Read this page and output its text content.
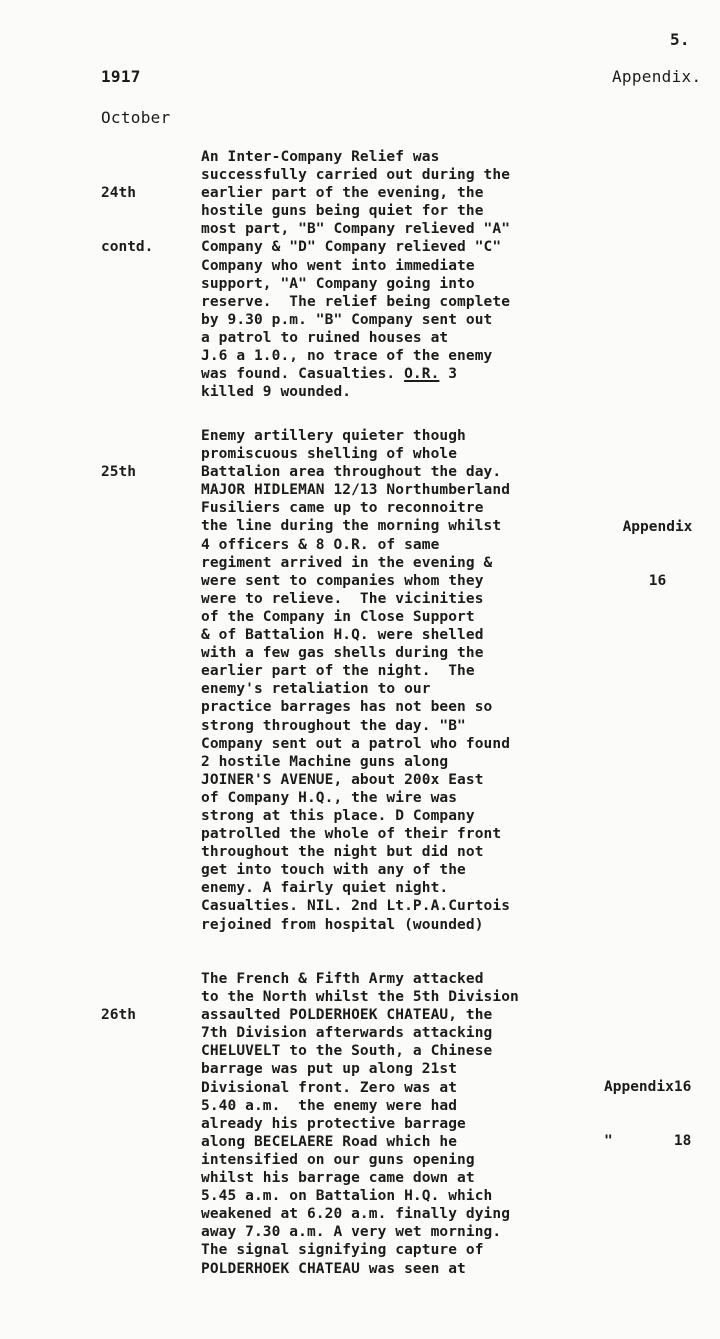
5.
1917	Appendix.
October

24th

contd.

An Inter-Company Relief was
successfully carried out during the
earlier part of the evening, the
hostile guns being quiet for the
most part, "B" Company relieved "A"
Company & "D" Company relieved "C"
Company who went into immediate
support, "A" Company going into
reserve.  The relief being complete
by 9.30 p.m. "B" Company sent out
a patrol to ruined houses at
J.6 a 1.0., no trace of the enemy
was found. Casualties. O.R. 3
killed 9 wounded.

25th

Enemy artillery quieter though
promiscuous shelling of whole
Battalion area throughout the day.
MAJOR HIDLEMAN 12/13 Northumberland
Fusiliers came up to reconnoitre
the line during the morning whilst
4 officers & 8 O.R. of same
regiment arrived in the evening &
were sent to companies whom they
were to relieve.  The vicinities
of the Company in Close Support
& of Battalion H.Q. were shelled
with a few gas shells during the
earlier part of the night.  The
enemy's retaliation to our
practice barrages has not been so
strong throughout the day. "B"
Company sent out a patrol who found
2 hostile Machine guns along
JOINER'S AVENUE, about 200x East
of Company H.Q., the wire was
strong at this place. D Company
patrolled the whole of their front
throughout the night but did not
get into touch with any of the
enemy. A fairly quiet night.
Casualties. NIL. 2nd Lt.P.A.Curtois
rejoined from hospital (wounded)

Appendix

16

26th

The French & Fifth Army attacked
to the North whilst the 5th Division
assaulted POLDERHOEK CHATEAU, the
7th Division afterwards attacking
CHELUVELT to the South, a Chinese
barrage was put up along 21st
Divisional front. Zero was at
5.40 a.m.  the enemy were had
already his protective barrage
along BECELAERE Road which he
intensified on our guns opening
whilst his barrage came down at
5.45 a.m. on Battalion H.Q. which
weakened at 6.20 a.m. finally dying
away 7.30 a.m. A very wet morning.
The signal signifying capture of
POLDERHOEK CHATEAU was seen at

Appendix16

"       18
